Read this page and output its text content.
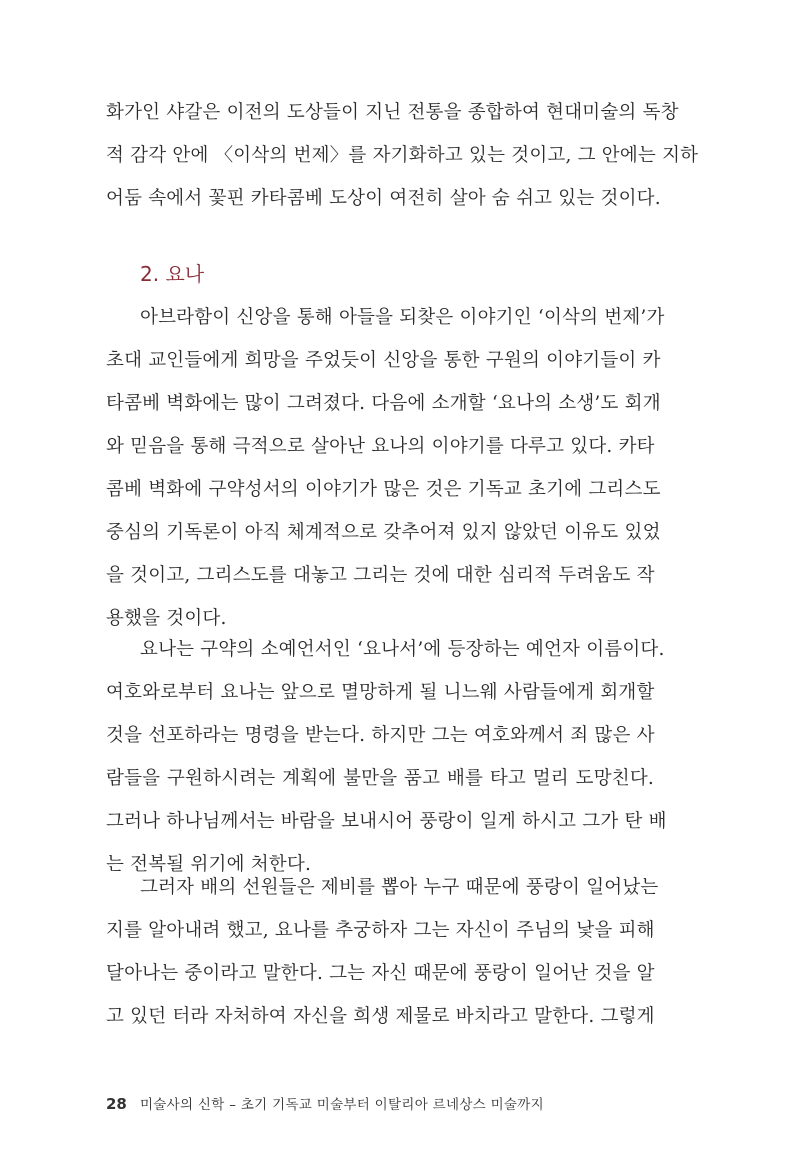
화가인 샤갈은 이전의 도상들이 지닌 전통을 종합하여 현대미술의 독창
적 감각 안에 〈이삭의 번제〉를 자기화하고 있는 것이고, 그 안에는 지하
어둠 속에서 꽃핀 카타콤베 도상이 여전히 살아 숨 쉬고 있는 것이다.
2. 요나
아브라함이 신앙을 통해 아들을 되찾은 이야기인 ‘이삭의 번제’가
초대 교인들에게 희망을 주었듯이 신앙을 통한 구원의 이야기들이 카
타콤베 벽화에는 많이 그려졌다. 다음에 소개할 ‘요나의 소생’도 회개
와 믿음을 통해 극적으로 살아난 요나의 이야기를 다루고 있다. 카타
콤베 벽화에 구약성서의 이야기가 많은 것은 기독교 초기에 그리스도
중심의 기독론이 아직 체계적으로 갖추어져 있지 않았던 이유도 있었
을 것이고, 그리스도를 대놓고 그리는 것에 대한 심리적 두려움도 작
용했을 것이다.
요나는 구약의 소예언서인 ‘요나서’에 등장하는 예언자 이름이다.
여호와로부터 요나는 앞으로 멸망하게 될 니느웨 사람들에게 회개할
것을 선포하라는 명령을 받는다. 하지만 그는 여호와께서 죄 많은 사
람들을 구원하시려는 계획에 불만을 품고 배를 타고 멀리 도망친다.
그러나 하나님께서는 바람을 보내시어 풍랑이 일게 하시고 그가 탄 배
는 전복될 위기에 처한다.
그러자 배의 선원들은 제비를 뽑아 누구 때문에 풍랑이 일어났는
지를 알아내려 했고, 요나를 추궁하자 그는 자신이 주님의 낯을 피해
달아나는 중이라고 말한다. 그는 자신 때문에 풍랑이 일어난 것을 알
고 있던 터라 자처하여 자신을 희생 제물로 바치라고 말한다. 그렇게
28 미술사의 신학 – 초기 기독교 미술부터 이탈리아 르네상스 미술까지
